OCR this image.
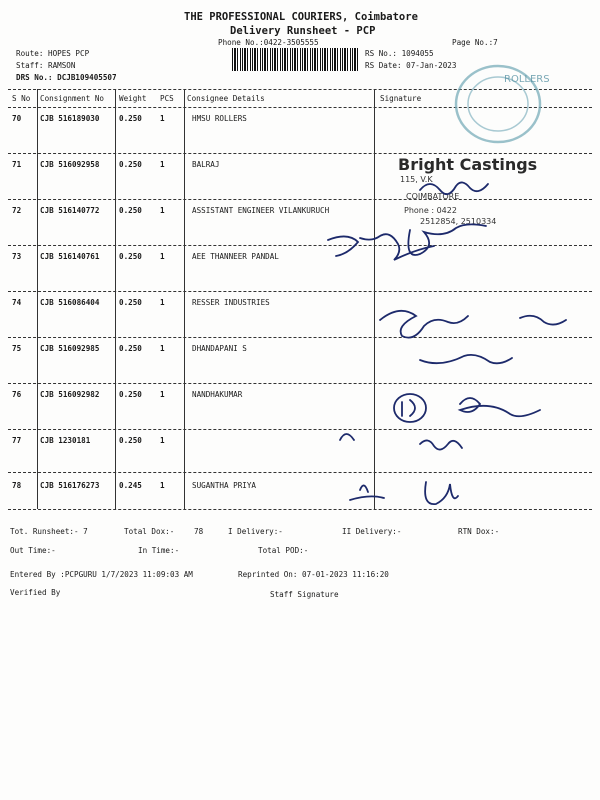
THE PROFESSIONAL COURIERS, Coimbatore
Delivery Runsheet - PCP
Phone No.:0422-3505555	Page No.:7
Route: HOPES PCP
Staff: RAMSON
DRS No.: DCJB109405507
RS No.: 1094055
RS Date: 07-Jan-2023
S No Consignment No Weight PCS Consignee Details	Signature
70 CJB 516189030	0.250 1	HMSU ROLLERS
71 CJB 516092958	0.250 1	BALRAJ
72 CJB 516140772	0.250 1	ASSISTANT ENGINEER VILANKURUCH
73 CJB 516140761	0.250 1	AEE THANNEER PANDAL
74 CJB 516086404	0.250 1	RESSER INDUSTRIES
75 CJB 516092985	0.250 1	DHANDAPANI S
76 CJB 516092982	0.250 1	NANDHAKUMAR
77 CJB 1230181	0.250 1
78 CJB 516176273	0.245 1	SUGANTHA PRIYA
ROLLERS
Bright Castings
115, V.K
COIMBATORE
Phone : 0422
2512854, 2510334
Tot. Runsheet:- 7	Total Dox:-	78	I Delivery:-	II Delivery:-	RTN Dox:-
Out Time:-	In Time:-	Total POD:-
Entered By :PCPGURU 1/7/2023 11:09:03 AM	Reprinted On: 07-01-2023 11:16:20
Verified By	Staff Signature
